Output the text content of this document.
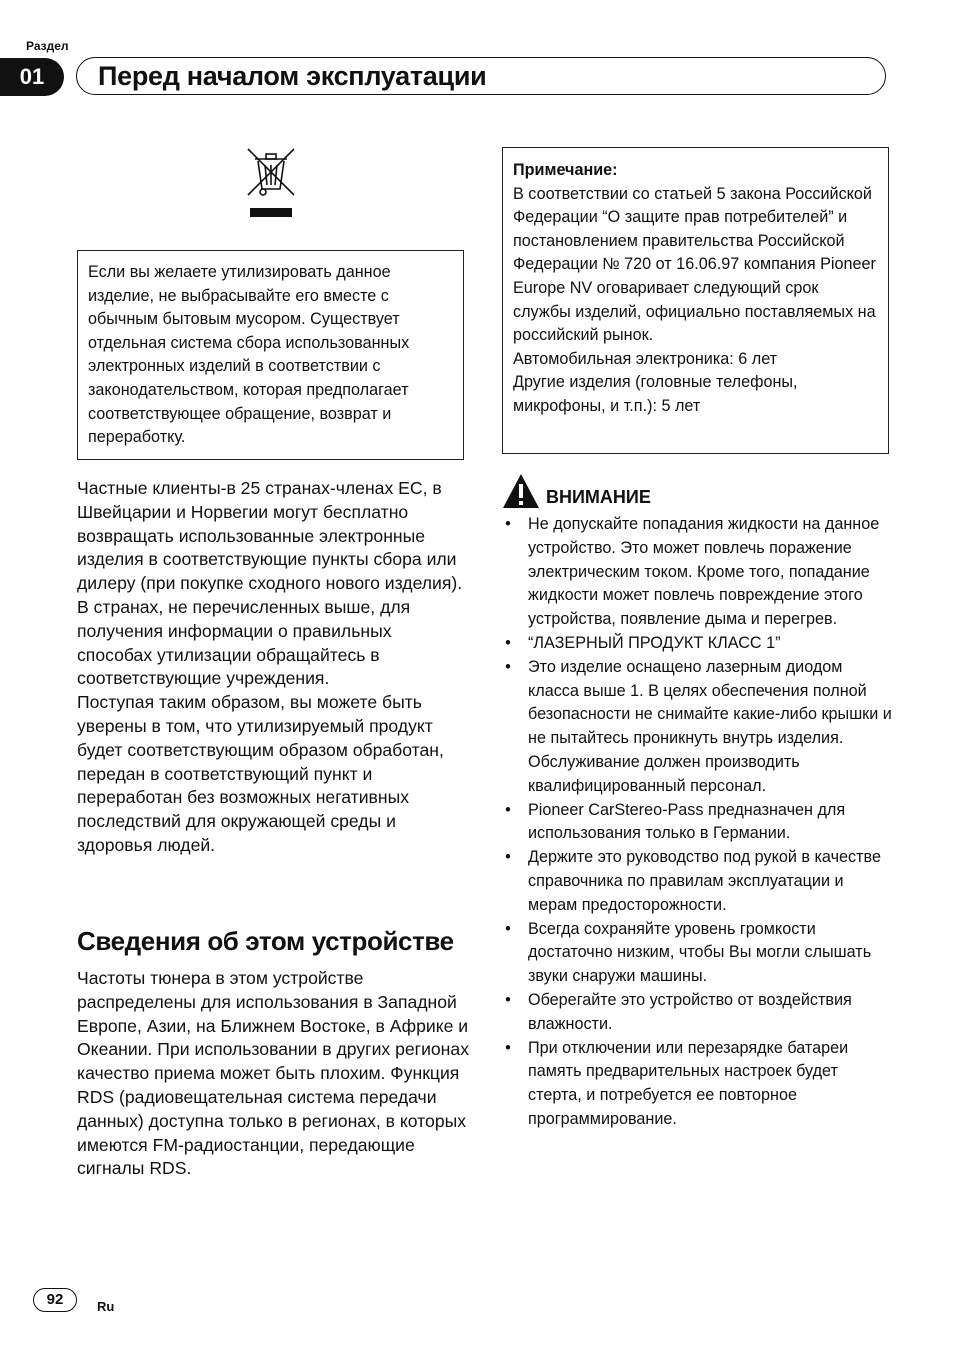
Раздел
01	Перед началом эксплуатации
Если вы желаете утилизировать данное изделие, не выбрасывайте его вместе с обычным бытовым мусором. Существует отдельная система сбора использованных электронных изделий в соответствии с законодательством, которая предполагает соответствующее обращение, возврат и переработку.

Частные клиенты-в 25 странах-членах ЕС, в Швейцарии и Норвегии могут бесплатно возвращать использованные электронные изделия в соответствующие пункты сбора или дилеру (при покупке сходного нового изделия).

В странах, не перечисленных выше, для получения информации о правильных способах утилизации обращайтесь в соответствующие учреждения.

Поступая таким образом, вы можете быть уверены в том, что утилизируемый продукт будет соответствующим образом обработан, передан в соответствующий пункт и переработан без возможных негативных последствий для окружающей среды и здоровья людей.

Сведения об этом устройстве

Частоты тюнера в этом устройстве распределены для использования в Западной Европе, Азии, на Ближнем Востоке, в Африке и Океании. При использовании в других регионах качество приема может быть плохим. Функция RDS (радиовещательная система передачи данных) доступна только в регионах, в которых имеются FM-радиостанции, передающие сигналы RDS.

Примечание:

В соответствии со статьей 5 закона Российской Федерации “О защите прав потребителей” и постановлением правительства Российской Федерации № 720 от 16.06.97 компания Pioneer Europe NV оговаривает следующий срок службы изделий, официально поставляемых на российский рынок.

Автомобильная электроника: 6 лет

Другие изделия (головные телефоны, микрофоны, и т.п.): 5 лет

ВНИМАНИЕ
• Не допускайте попадания жидкости на данное устройство. Это может повлечь поражение электрическим током. Кроме того, попадание жидкости может повлечь повреждение этого устройства, появление дыма и перегрев.
• “ЛАЗЕРНЫЙ ПРОДУКТ КЛАСС 1”
• Это изделие оснащено лазерным диодом класса выше 1. В целях обеспечения полной безопасности не снимайте какие-либо крышки и не пытайтесь проникнуть внутрь изделия. Обслуживание должен производить квалифицированный персонал.
• Pioneer CarStereo-Pass предназначен для использования только в Германии.
• Держите это руководство под рукой в качестве справочника по правилам эксплуатации и мерам предосторожности.
• Всегда сохраняйте уровень громкости достаточно низким, чтобы Вы могли слышать звуки снаружи машины.
• Оберегайте это устройство от воздействия влажности.
• При отключении или перезарядке батареи память предварительных настроек будет стерта, и потребуется ее повторное программирование.
92	Ru
